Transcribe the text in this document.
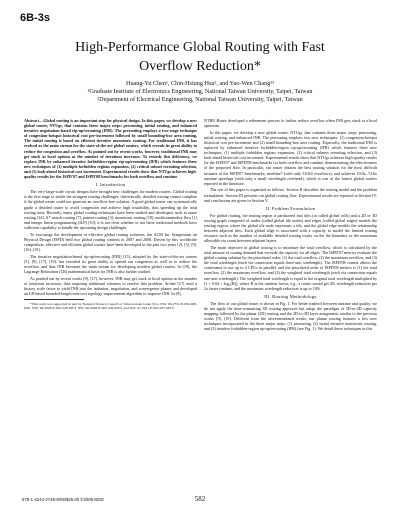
6B-3s
High-Performance Global Routing with Fast
Overflow Reduction*
Huang-Yu Chen¹, Chin-Hsiung Hsu², and Yao-Wen Chang¹²
¹Graduate Institute of Electronics Engineering, National Taiwan University, Taipei, Taiwan
²Department of Electrical Engineering, National Taiwan University, Taipei, Taiwan

Abstract—Global routing is an important step for physical design. In this paper, we develop a new global router, NTUgr, that contains three major steps: prerouting, initial routing, and enhanced iterative negotiation-based rip-up/rerouting (INR). The prerouting employs a two-stage technique of congestion-hotspot historical cost pre-increment followed by small bounding-box area routing. The initial routing is based on efficient iterative monotonic routing. For traditional INR, it has evolved as the main stream for the state-of-the-art global routers, which reveals its great ability to reduce the congestion and overflow. As pointed out by recent works, however, traditional INR may get stuck at local optima as the number of iterations increases. To remedy this deficiency, we replace INR by enhanced iterative forbidden-region rip-up/rerouting (IFR) which features three new techniques of (1) multiple forbidden regions expansion, (2) critical subnet rerouting selection, and (3) look-ahead historical cost increment. Experimental results show that NTUgr achieves high-quality results for the ISPD'07 and ISPD'08 benchmarks for both overflow and runtime.

I. Introduction

The very-large-scale circuit designs have brought new challenges for modern routers. Global routing is the first stage to tackle the stringent routing challenges; theoretically, detailed routing cannot complete if the global router could not generate an overflow-free solution. A good global router can systematically guide a detailed router to avoid congestion and achieve high routability, thus speeding up the total routing time. Recently, many global routing techniques have been studied and developed, such as maze routing [14], A*-search routing [7], pattern routing [3], monotonic routing [18], multicommodity flow [1] and integer linear programming (ILP) [10]; it is not clear whether or not these traditional methods have sufficient capability to handle the upcoming design challenges.

To encourage the development of effective global routing solutions, the ACM Int. Symposium on Physical Design (ISPD) held two global routing contests in 2007 and 2008. Driven by this worldwide competition, effective and efficient global routers have been developed in the past two years [2], [5], [9], [16]–[19].

The iterative negotiation-based rip-up/rerouting (INR) [15], adopted by the state-of-the-art routers [5], [9], [17], [19], has revealed its great ability to spread out congestion as well as to reduce the overflow, and thus INR becomes the main stream for developing modern global routers. In [19], the Lagrange Relaxation (LR) mathematical basis for INR is also further studied.

As pointed out by recent works [9], [17], however, INR may get stuck at local optima as the number of iterations increases, thus requiring additional schemes to resolve this problem. Archer [17] used a history scale factor to yield INR into the initiation, negotiation, and convergence phases and developed an LR-based bounded-length min-cost topology improvement algorithm to improve INR. In [9],

*This work was supported in part by National Science Council of Taiwan under Grant No's. NSC 96-2752-E-002-008-PAE, NSC 96-2628-E-002-248-MY3, NSC 96-2628-E-002-249-MY3, and NSC 97-2221-E-002-237-MY3.

NTHU-Route developed a refinement process to further reduce overflow when INR gets stuck at a local optimum.

In this paper, we develop a new global router, NTUgr, that contains three major steps: prerouting, initial routing, and enhanced INR. The prerouting employs two new techniques: (1) congestion-hotspot historical cost pre-increment and (2) small bounding-box area routing. Especially, the traditional INR is replaced by enhanced iterative forbidden-region rip-up/rerouting (IFR) which features three new techniques: (1) multiple forbidden regions expansion, (2) critical subnets rerouting selection, and (3) look-ahead historical cost increment. Experimental results show that NTUgr achieves high-quality results for the ISPD'07 and ISPD'08 benchmarks for both overflow and runtime, demonstrating the effectiveness of the proposed flow. In particular, our router obtains the best routing solution for the most difficult instance of the ISPD'07 benchmarks, newblue7 (with only 31024 overflows), and achieves 10.0x–74.6x runtime speedups (with only a small wirelength overhead), which is one of the fastest global routers reported in the literature.

The rest of this paper is organized as follows. Section II describes the routing model and the problem formulation. Section III presents our global routing flow. Experimental results are reported in Section IV, and conclusions are given in Section V.

II. Problem Formulation

For global routing, the routing region is partitioned into tiles (or called global cells) and a 2D or 3D routing graph composed of nodes (called global tile nodes) and edges (called global edges) models the routing region, where the global tile node represents a tile, and the global edge models the relationship between adjacent tiles. Each global edge is associated with a capacity to model the limited routing resource such as the number of available detailed routing tracks on the the boundary or the maximum allowable via count between adjacent layers.

The main objective of global routing is to minimize the total overflow, which is calculated by the total amount of routing demand that exceeds the capacity for all edges. The ISPD'07 metrics evaluate the global routing solution by the prioritized order: (1) the total overflow, (2) the maximum overflow, and (3) the total wirelength (each via connection equals three-unit wirelength). The ISPD'08 contest allows the contestants to use up to 4 CPUs in parallel, and the prioritized order of ISPD'08 metrics is (1) the total overflow, (2) the maximum overflow, and (3) the weighted total wirelength (each via connection equals one-unit wirelength). The weighted total wirelength is equal to the original total wirelength multiplied by (1 + 0.04 × log₂(R)), where R is the runtime factor; e.g., a router would get 4% wirelength reduction per 2x faster runtime, and the maximum wirelength reduction is up to 10%.

III. Routing Methodology

The flow of our global router is shown in Fig. 1. For better tradeoff between runtime and quality, we do not apply the time-consuming 3D routing approach but adopt the paradigm of 3D-to-2D capacity mapping followed by the planar (2D) routing and the 2D-to-3D layer assignment, similar to the previous works [9], [19]. Different from the aforementioned works, our planar routing features a few new techniques incorporated in the three major steps: (1) prerouting, (2) initial iterative monotonic routing, and (3) iterative forbidden-region rip-up/rerouting (IFR) (see Fig. 1). We detail these techniques in this

978-1-4244-2749-9/09/$25.00 ©2009 IEEE	582
